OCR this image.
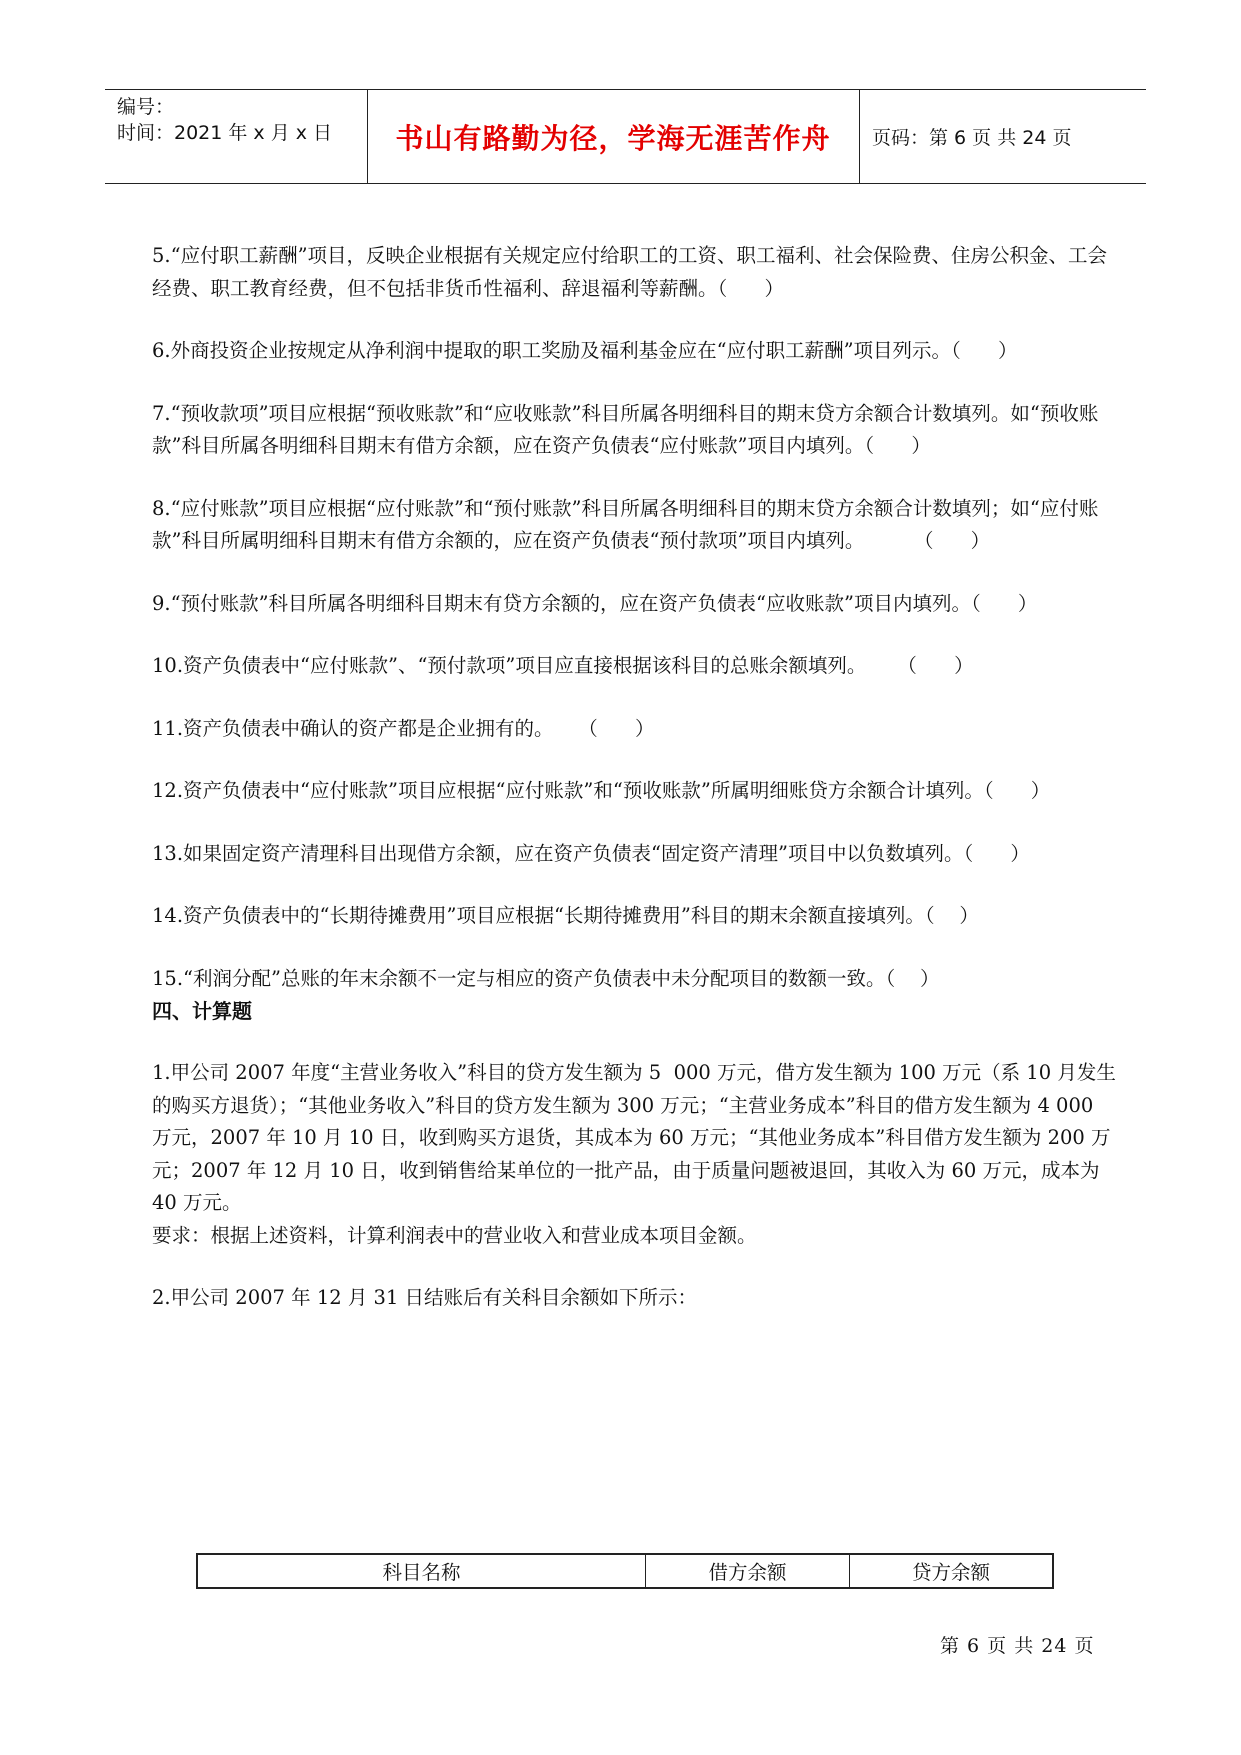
编号：
时间：2021 年 x 月 x 日	书山有路勤为径，学海无涯苦作舟	页码：第 6 页 共 24 页

5.“应付职工薪酬”项目，反映企业根据有关规定应付给职工的工资、职工福利、社会保险费、住房公积金、工会经费、职工教育经费，但不包括非货币性福利、辞退福利等薪酬。（      ）

6.外商投资企业按规定从净利润中提取的职工奖励及福利基金应在“应付职工薪酬”项目列示。（      ）

7.“预收款项”项目应根据“预收账款”和“应收账款”科目所属各明细科目的期末贷方余额合计数填列。如“预收账款”科目所属各明细科目期末有借方余额，应在资产负债表“应付账款”项目内填列。（      ）

8.“应付账款”项目应根据“应付账款”和“预付账款”科目所属各明细科目的期末贷方余额合计数填列；如“应付账款”科目所属明细科目期末有借方余额的，应在资产负债表“预付款项”项目内填列。        （      ）

9.“预付账款”科目所属各明细科目期末有贷方余额的，应在资产负债表“应收账款”项目内填列。（      ）

10.资产负债表中“应付账款”、“预付款项”项目应直接根据该科目的总账余额填列。     （      ）

11.资产负债表中确认的资产都是企业拥有的。    （      ）

12.资产负债表中“应付账款”项目应根据“应付账款”和“预收账款”所属明细账贷方余额合计填列。（      ）

13.如果固定资产清理科目出现借方余额，应在资产负债表“固定资产清理”项目中以负数填列。（      ）

14.资产负债表中的“长期待摊费用”项目应根据“长期待摊费用”科目的期末余额直接填列。（    ）

15.“利润分配”总账的年末余额不一定与相应的资产负债表中未分配项目的数额一致。（    ）

四、计算题

1.甲公司 2007 年度“主营业务收入”科目的贷方发生额为 5  000 万元，借方发生额为 100 万元（系 10 月发生的购买方退货）；“其他业务收入”科目的贷方发生额为 300 万元；“主营业务成本”科目的借方发生额为 4 000 万元，2007 年 10 月 10 日，收到购买方退货，其成本为 60 万元；“其他业务成本”科目借方发生额为 200 万元；2007 年 12 月 10 日，收到销售给某单位的一批产品，由于质量问题被退回，其收入为 60 万元，成本为 40 万元。

要求：根据上述资料，计算利润表中的营业收入和营业成本项目金额。

2.甲公司 2007 年 12 月 31 日结账后有关科目余额如下所示：

科目名称	借方余额	贷方余额
第 6 页 共 24 页
